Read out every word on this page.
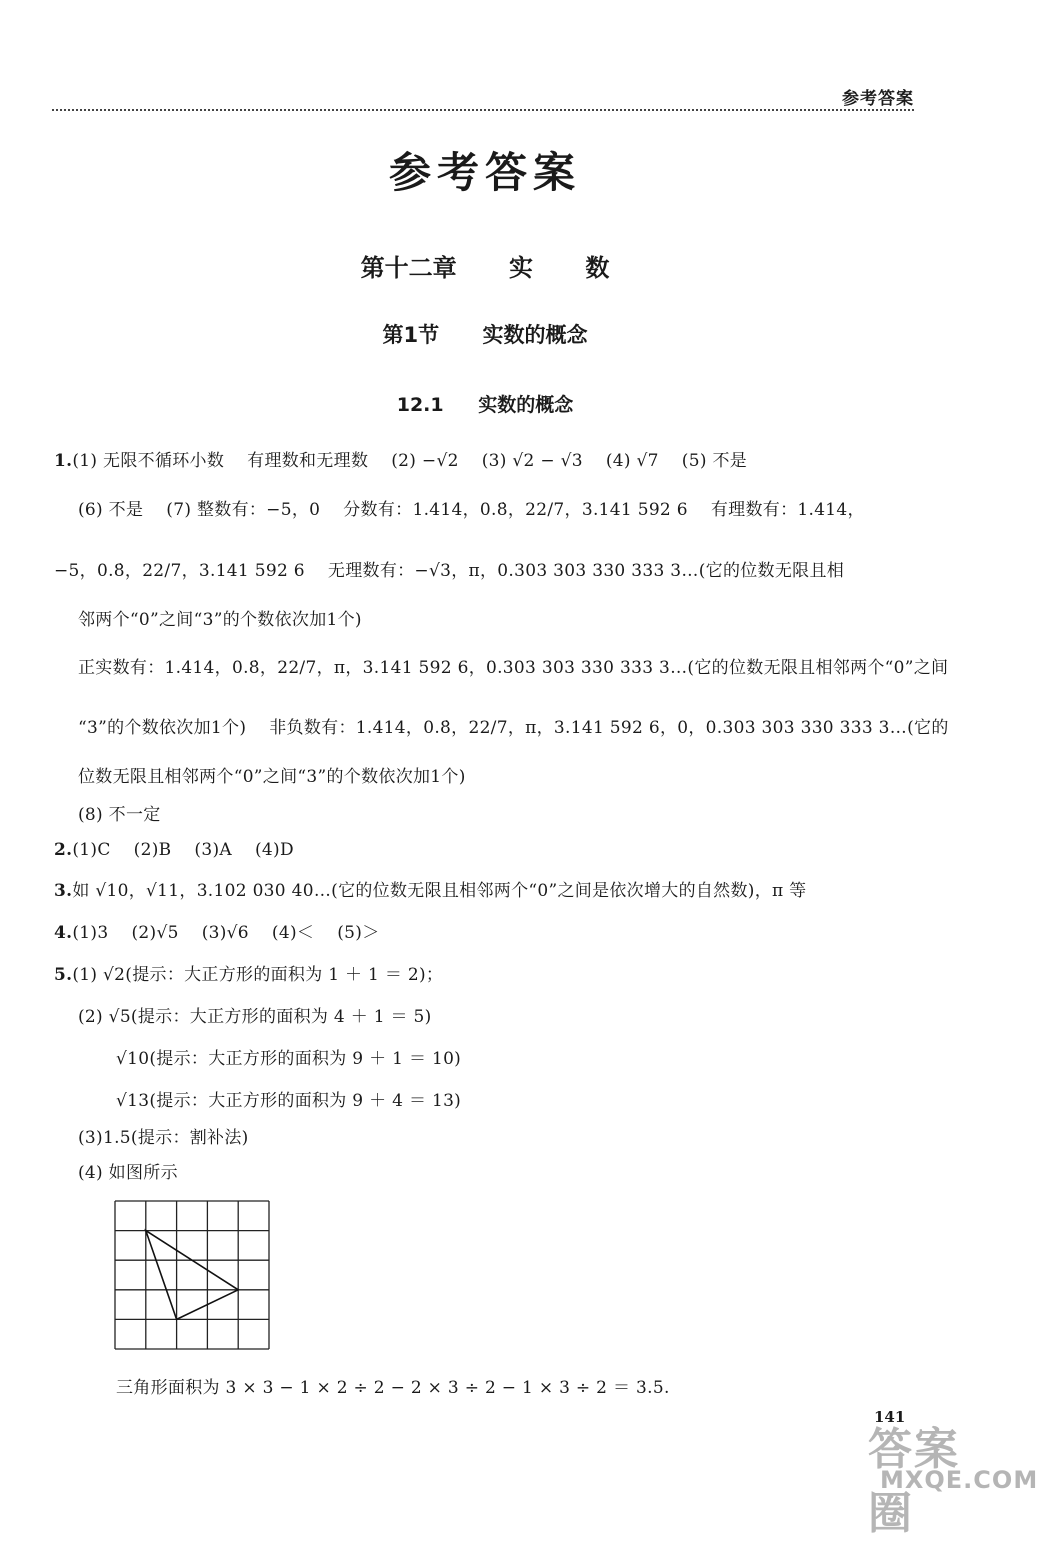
参考答案
参考答案
第十二章 实 数
第1节 实数的概念
12.1 实数的概念
1.(1) 无限不循环小数　 有理数和无理数　 (2) −√2　 (3) √2 − √3　 (4) √7　 (5) 不是
(6) 不是　 (7) 整数有：−5，0　 分数有：1.414，0.8̇，22/7，3.141 592 6　 有理数有：1.414，
−5，0.8̇，22/7，3.141 592 6　 无理数有：−√3，π，0.303 303 330 333 3…(它的位数无限且相
邻两个“0”之间“3”的个数依次加1个)
正实数有：1.414，0.8̇，22/7，π，3.141 592 6，0.303 303 330 333 3…(它的位数无限且相邻两个“0”之间
“3”的个数依次加1个)　 非负数有：1.414，0.8̇，22/7，π，3.141 592 6，0，0.303 303 330 333 3…(它的
位数无限且相邻两个“0”之间“3”的个数依次加1个)
(8) 不一定
2.(1)C　 (2)B　 (3)A　 (4)D
3.如 √10，√11，3.102 030 40…(它的位数无限且相邻两个“0”之间是依次增大的自然数)，π 等
4.(1)3　 (2)√5　 (3)√6　 (4)＜　 (5)＞
5.(1) √2(提示：大正方形的面积为 1 ＋ 1 ＝ 2)；
(2) √5(提示：大正方形的面积为 4 ＋ 1 ＝ 5)
√10(提示：大正方形的面积为 9 ＋ 1 ＝ 10)
√13(提示：大正方形的面积为 9 ＋ 4 ＝ 13)
(3)1.5(提示：割补法)
(4) 如图所示
三角形面积为 3 × 3 − 1 × 2 ÷ 2 − 2 × 3 ÷ 2 − 1 × 3 ÷ 2 ＝ 3.5.
141
答案圈
MXQE.COM
